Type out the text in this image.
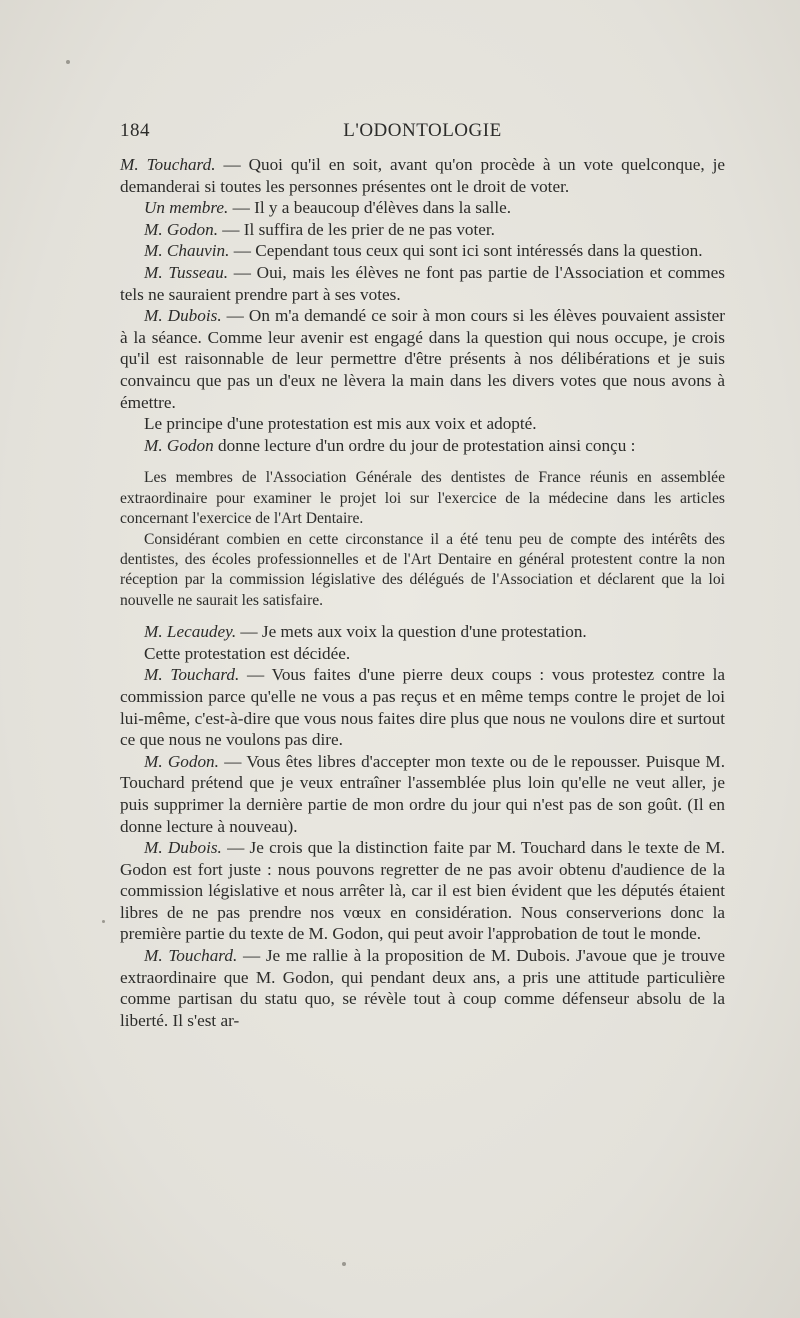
184	L'ODONTOLOGIE

M. Touchard. — Quoi qu'il en soit, avant qu'on procède à un vote quelconque, je demanderai si toutes les personnes présentes ont le droit de voter.

Un membre. — Il y a beaucoup d'élèves dans la salle.

M. Godon. — Il suffira de les prier de ne pas voter.

M. Chauvin. — Cependant tous ceux qui sont ici sont intéressés dans la question.

M. Tusseau. — Oui, mais les élèves ne font pas partie de l'Association et commes tels ne sauraient prendre part à ses votes.

M. Dubois. — On m'a demandé ce soir à mon cours si les élèves pouvaient assister à la séance. Comme leur avenir est engagé dans la question qui nous occupe, je crois qu'il est raisonnable de leur permettre d'être présents à nos délibérations et je suis convaincu que pas un d'eux ne lèvera la main dans les divers votes que nous avons à émettre.

Le principe d'une protestation est mis aux voix et adopté.

M. Godon donne lecture d'un ordre du jour de protestation ainsi conçu :

Les membres de l'Association Générale des dentistes de France réunis en assemblée extraordinaire pour examiner le projet loi sur l'exercice de la médecine dans les articles concernant l'exercice de l'Art Dentaire.

Considérant combien en cette circonstance il a été tenu peu de compte des intérêts des dentistes, des écoles professionnelles et de l'Art Dentaire en général protestent contre la non réception par la commission législative des délégués de l'Association et déclarent que la loi nouvelle ne saurait les satisfaire.

M. Lecaudey. — Je mets aux voix la question d'une protestation.

Cette protestation est décidée.

M. Touchard. — Vous faites d'une pierre deux coups : vous protestez contre la commission parce qu'elle ne vous a pas reçus et en même temps contre le projet de loi lui-même, c'est-à-dire que vous nous faites dire plus que nous ne voulons dire et surtout ce que nous ne voulons pas dire.

M. Godon. — Vous êtes libres d'accepter mon texte ou de le repousser. Puisque M. Touchard prétend que je veux entraîner l'assemblée plus loin qu'elle ne veut aller, je puis supprimer la dernière partie de mon ordre du jour qui n'est pas de son goût. (Il en donne lecture à nouveau).

M. Dubois. — Je crois que la distinction faite par M. Touchard dans le texte de M. Godon est fort juste : nous pouvons regretter de ne pas avoir obtenu d'audience de la commission législative et nous arrêter là, car il est bien évident que les députés étaient libres de ne pas prendre nos vœux en considération. Nous conserverions donc la première partie du texte de M. Godon, qui peut avoir l'approbation de tout le monde.

M. Touchard. — Je me rallie à la proposition de M. Dubois. J'avoue que je trouve extraordinaire que M. Godon, qui pendant deux ans, a pris une attitude particulière comme partisan du statu quo, se révèle tout à coup comme défenseur absolu de la liberté. Il s'est ar-
